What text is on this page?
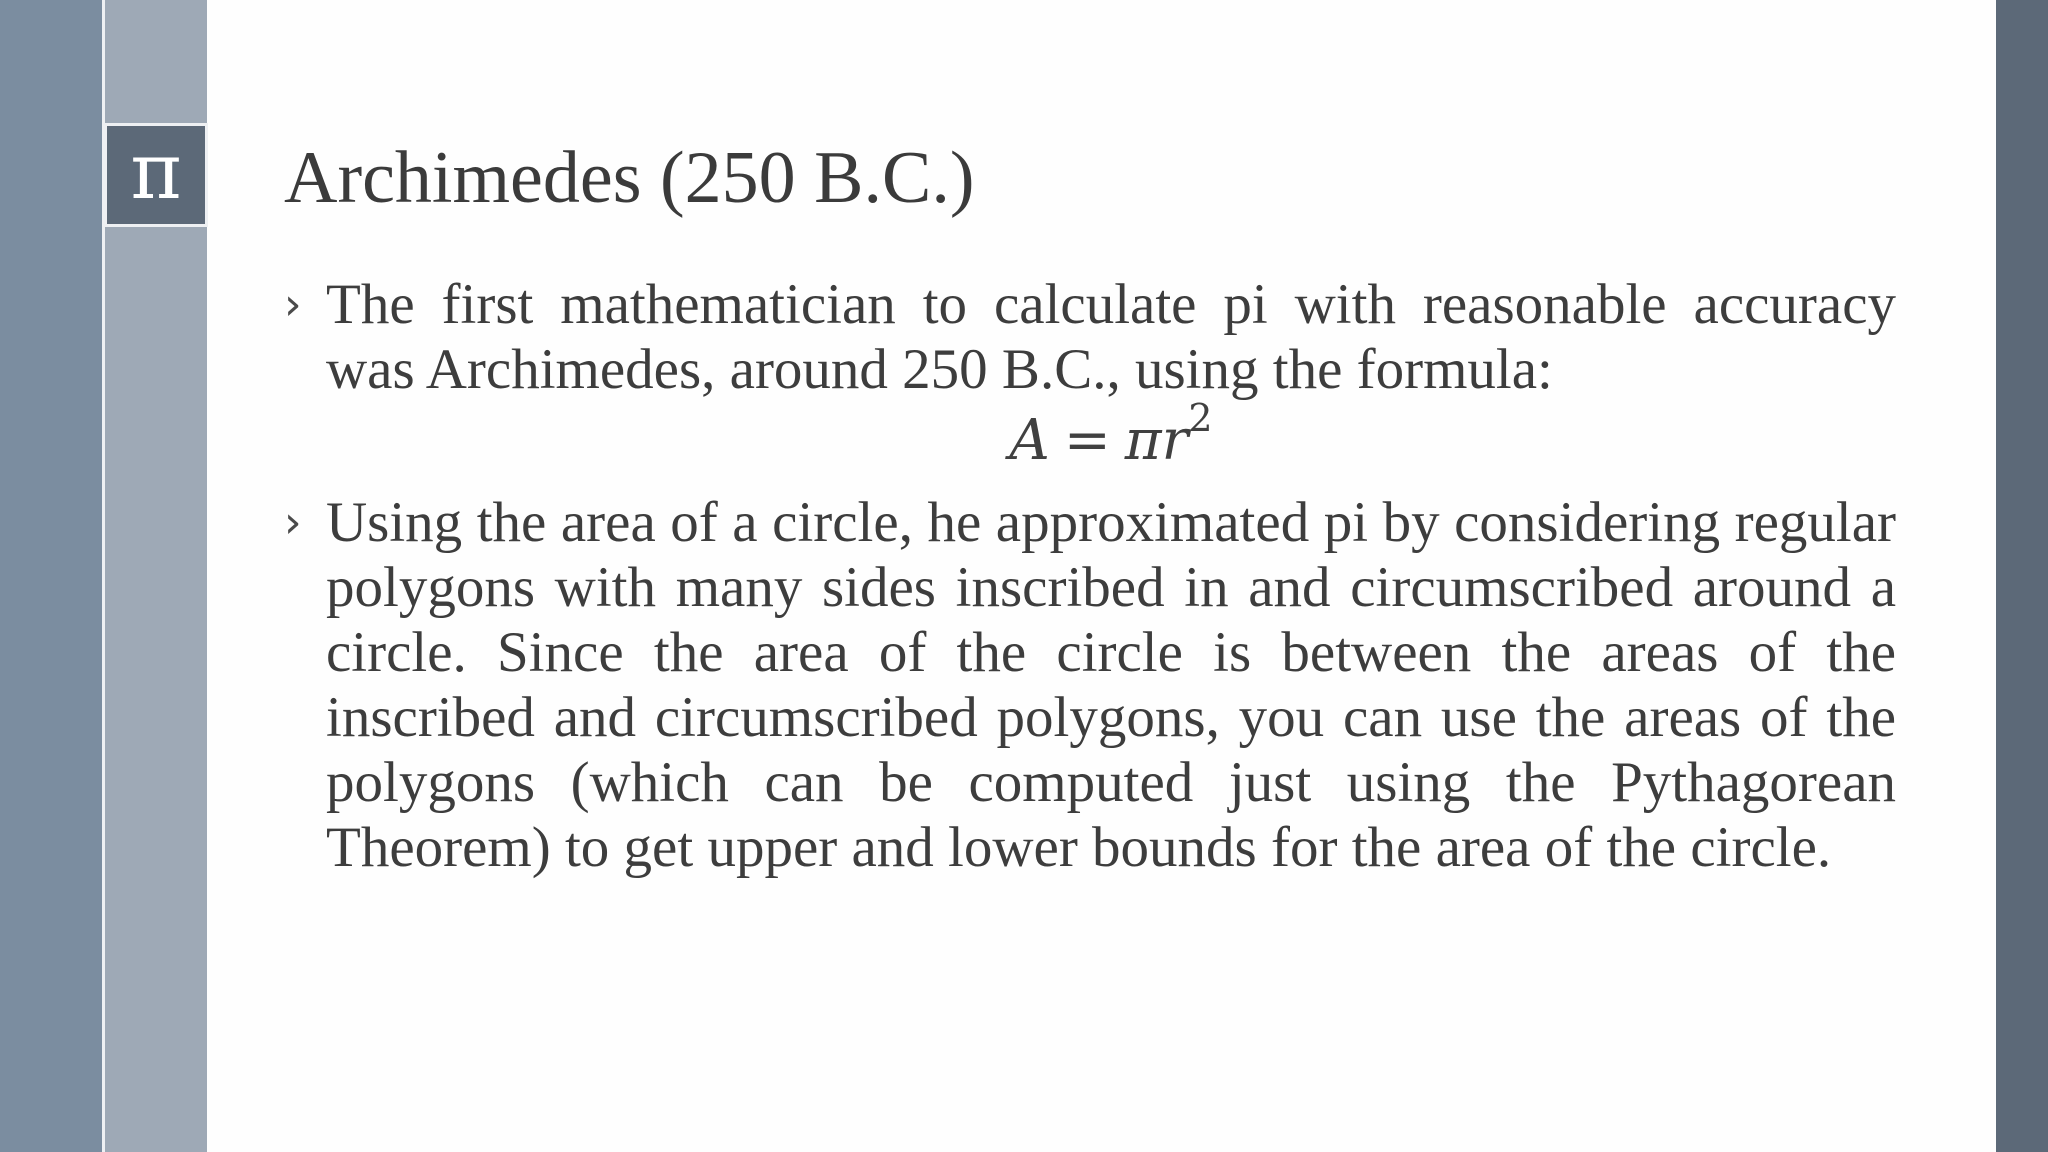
π Archimedes (250 B.C.)
› The first mathematician to calculate pi with reasonable accuracy was Archimedes, around 250 B.C., using the formula:
$A = \pi r^2$
› Using the area of a circle, he approximated pi by considering regular polygons with many sides inscribed in and circumscribed around a circle. Since the area of the circle is between the areas of the inscribed and circumscribed polygons, you can use the areas of the polygons (which can be computed just using the Pythagorean Theorem) to get upper and lower bounds for the area of the circle.
